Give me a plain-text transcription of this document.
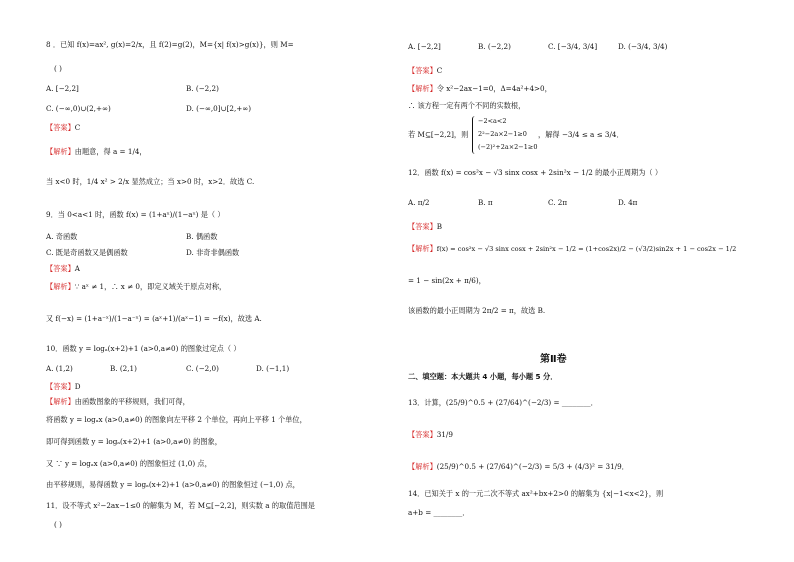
8 ．已知 f(x)=ax², g(x)=2/x，且 f(2)=g(2)，M={x| f(x)>g(x)}，则 M=
( )
A. [−2,2]	B. (−2,2)
C. (−∞,0)∪(2,+∞)	D. (−∞,0]∪[2,+∞)
【答案】C
【解析】由题意，得 a = 1/4，
当 x<0 时，1/4 x² > 2/x 显然成立；当 x>0 时，x>2．故选 C.
9．当 0<a<1 时，函数 f(x) = (1+aˣ)/(1−aˣ) 是（ ）
A. 奇函数	B. 偶函数
C. 既是奇函数又是偶函数	D. 非奇非偶函数
【答案】A
【解析】∵ aˣ ≠ 1，∴ x ≠ 0，即定义域关于原点对称，
又 f(−x) = (1+a⁻ˣ)/(1−a⁻ˣ) = (aˣ+1)/(aˣ−1) = −f(x)，故选 A.
10．函数 y = logₐ(x+2)+1 (a>0,a≠0) 的图象过定点（ ）
A. (1,2)	B. (2,1)	C. (−2,0)	D. (−1,1)
【答案】D
【解析】由函数图象的平移规则，我们可得，
将函数 y = logₐx (a>0,a≠0) 的图象向左平移 2 个单位，再向上平移 1 个单位，
即可得到函数 y = logₐ(x+2)+1 (a>0,a≠0) 的图象，
又 ∵ y = logₐx (a>0,a≠0) 的图象恒过 (1,0) 点，
由平移规则，易得函数 y = logₐ(x+2)+1 (a>0,a≠0) 的图象恒过 (−1,0) 点，
11．设不等式 x²−2ax−1≤0 的解集为 M，若 M⊆[−2,2]，则实数 a 的取值范围是
( )
A. [−2,2]	B. (−2,2)	C. [−3/4, 3/4]	D. (−3/4, 3/4)
【答案】C
【解析】令 x²−2ax−1=0，Δ=4a²+4>0，
∴ 该方程一定有两个不同的实数根，
若 M⊆[−2,2]，则
−2<a<2
2²−2a×2−1≥0
(−2)²+2a×2−1≥0
，解得 −3/4 ≤ a ≤ 3/4．
12．函数 f(x) = cos²x − √3 sinx cosx + 2sin²x − 1/2 的最小正周期为（ ）
A. π/2	B. π	C. 2π	D. 4π
【答案】B
【解析】f(x) = cos²x − √3 sinx cosx + 2sin²x − 1/2 = (1+cos2x)/2 − (√3/2)sin2x + 1 − cos2x − 1/2
= 1 − sin(2x + π/6)，
该函数的最小正周期为 2π/2 = π，故选 B.
第Ⅱ卷
二、填空题：本大题共 4 小题，每小题 5 分．
13．计算，(25/9)^0.5 + (27/64)^(−2/3) = ________．
【答案】31/9
【解析】(25/9)^0.5 + (27/64)^(−2/3) = 5/3 + (4/3)² = 31/9．
14．已知关于 x 的一元二次不等式 ax²+bx+2>0 的解集为 {x|−1<x<2}，则
a+b = ________．
